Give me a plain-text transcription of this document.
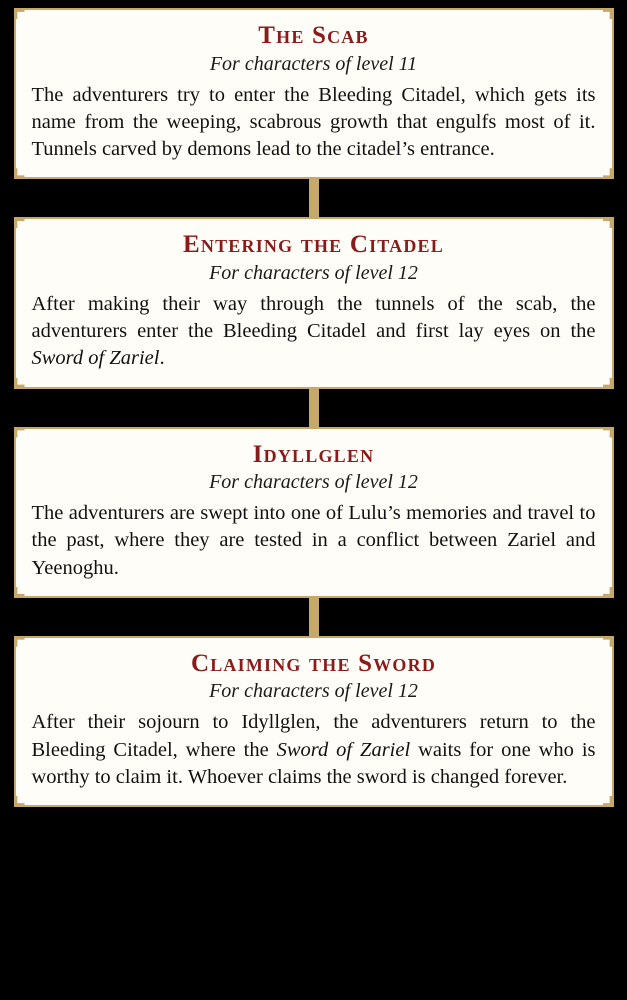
The Scab
For characters of level 11

The adventurers try to enter the Bleeding Citadel, which gets its name from the weeping, scabrous growth that engulfs most of it. Tunnels carved by demons lead to the citadel’s entrance.

Entering the Citadel
For characters of level 12

After making their way through the tunnels of the scab, the adventurers enter the Bleeding Citadel and first lay eyes on the Sword of Zariel.

Idyllglen
For characters of level 12

The adventurers are swept into one of Lulu’s memories and travel to the past, where they are tested in a conflict between Zariel and Yeenoghu.

Claiming the Sword
For characters of level 12

After their sojourn to Idyllglen, the adventurers return to the Bleeding Citadel, where the Sword of Zariel waits for one who is worthy to claim it. Whoever claims the sword is changed forever.
